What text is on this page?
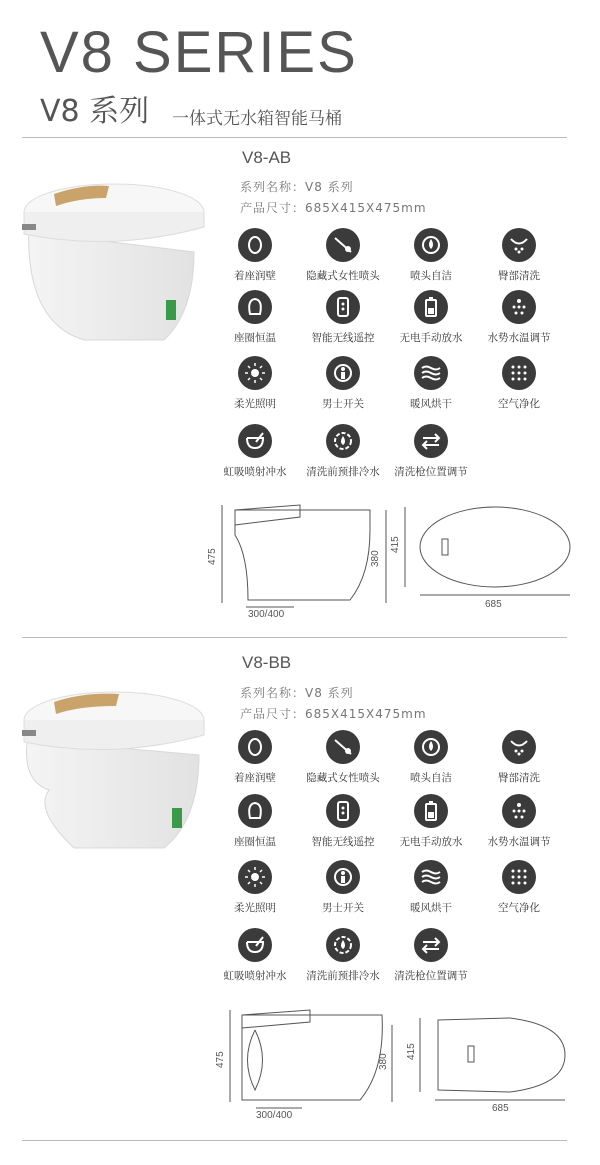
V8 SERIES
V8 系列 一体式无水箱智能马桶
V8-AB
系列名称：V8 系列
产品尺寸：685X415X475mm
着座润壁	隐藏式女性喷头	喷头自洁	臀部清洗
座圈恒温	智能无线遥控	无电手动放水	水势水温调节
柔光照明	男士开关	暖风烘干	空气净化
虹吸喷射冲水	清洗前预排冷水	清洗枪位置调节
475	380
300/400
415
685
V8-BB
系列名称：V8 系列
产品尺寸：685X415X475mm
着座润壁	隐藏式女性喷头	喷头自洁	臀部清洗
座圈恒温	智能无线遥控	无电手动放水	水势水温调节
柔光照明	男士开关	暖风烘干	空气净化
虹吸喷射冲水	清洗前预排冷水	清洗枪位置调节
475	380
300/400
415
685
